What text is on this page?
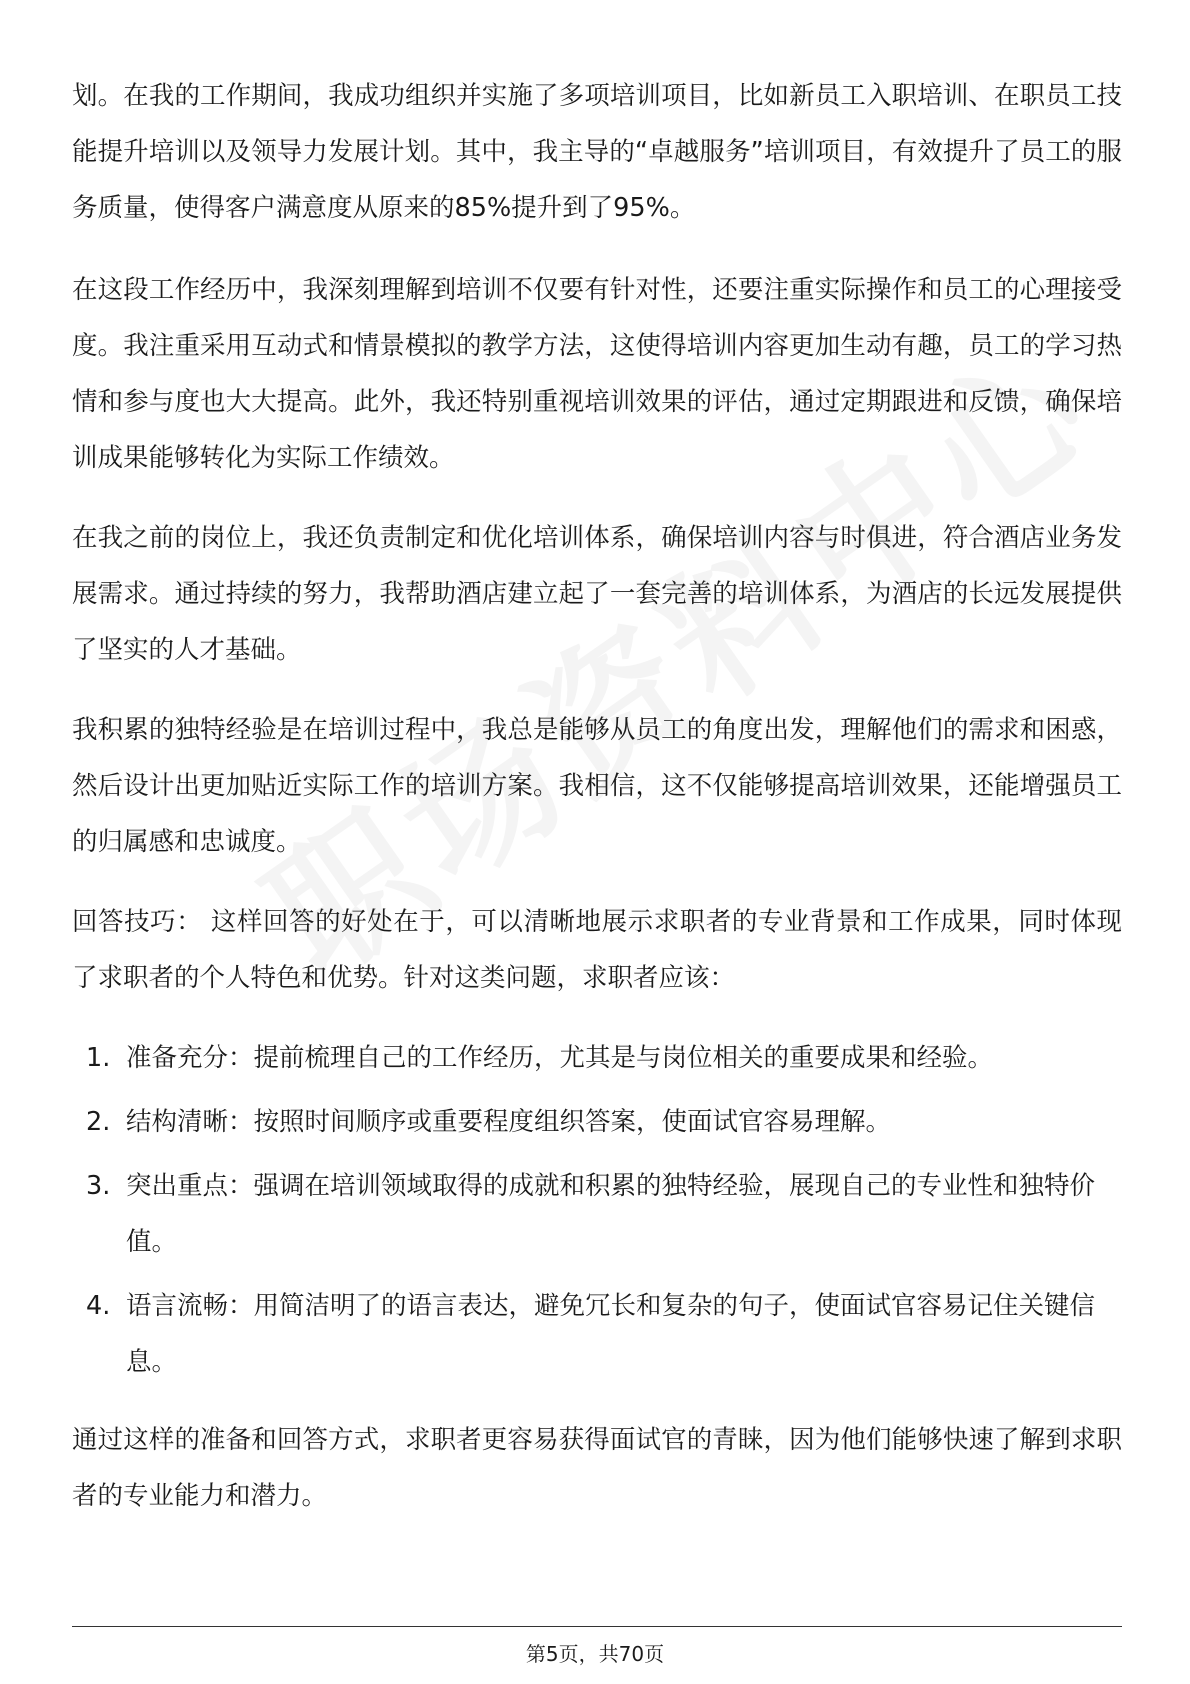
划。在我的工作期间，我成功组织并实施了多项培训项目，比如新员工入职培训、在职员工技能提升培训以及领导力发展计划。其中，我主导的“卓越服务”培训项目，有效提升了员工的服务质量，使得客户满意度从原来的85%提升到了95%。

在这段工作经历中，我深刻理解到培训不仅要有针对性，还要注重实际操作和员工的心理接受度。我注重采用互动式和情景模拟的教学方法，这使得培训内容更加生动有趣，员工的学习热情和参与度也大大提高。此外，我还特别重视培训效果的评估，通过定期跟进和反馈，确保培训成果能够转化为实际工作绩效。

在我之前的岗位上，我还负责制定和优化培训体系，确保培训内容与时俱进，符合酒店业务发展需求。通过持续的努力，我帮助酒店建立起了一套完善的培训体系，为酒店的长远发展提供了坚实的人才基础。

我积累的独特经验是在培训过程中，我总是能够从员工的角度出发，理解他们的需求和困惑，然后设计出更加贴近实际工作的培训方案。我相信，这不仅能够提高培训效果，还能增强员工的归属感和忠诚度。

回答技巧： 这样回答的好处在于，可以清晰地展示求职者的专业背景和工作成果，同时体现了求职者的个人特色和优势。针对这类问题，求职者应该：

1. 准备充分：提前梳理自己的工作经历，尤其是与岗位相关的重要成果和经验。
2. 结构清晰：按照时间顺序或重要程度组织答案，使面试官容易理解。
3. 突出重点：强调在培训领域取得的成就和积累的独特经验，展现自己的专业性和独特价值。
4. 语言流畅：用简洁明了的语言表达，避免冗长和复杂的句子，使面试官容易记住关键信息。

通过这样的准备和回答方式，求职者更容易获得面试官的青睐，因为他们能够快速了解到求职者的专业能力和潜力。

第5页，共70页
